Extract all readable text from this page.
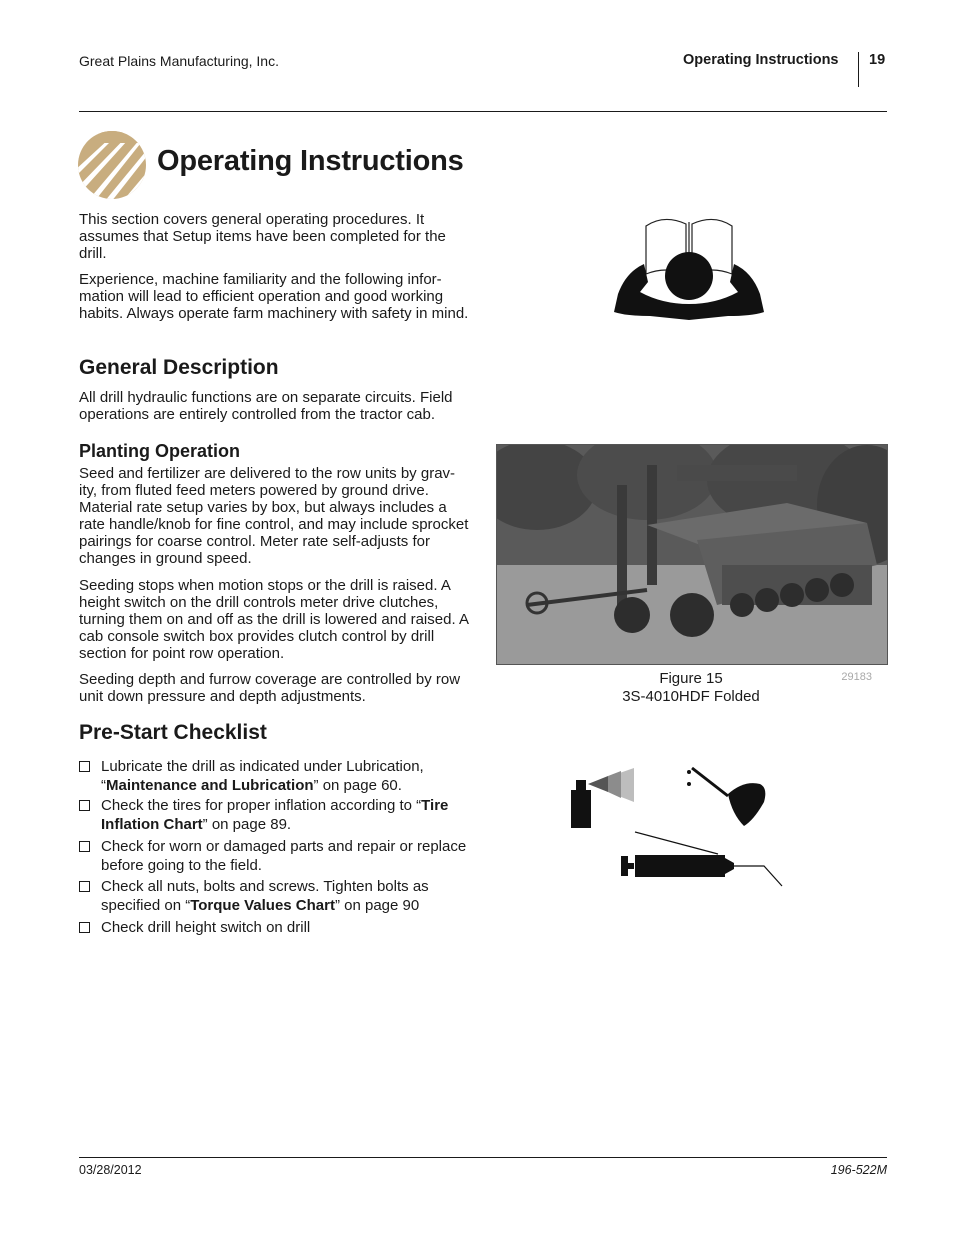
Great Plains Manufacturing, Inc.	Operating Instructions 19
Operating Instructions
This section covers general operating procedures. It assumes that Setup items have been completed for the drill.
Experience, machine familiarity and the following infor-mation will lead to efficient operation and good working habits. Always operate farm machinery with safety in mind.
General Description
All drill hydraulic functions are on separate circuits. Field operations are entirely controlled from the tractor cab.
Planting Operation
Seed and fertilizer are delivered to the row units by grav-ity, from fluted feed meters powered by ground drive. Material rate setup varies by box, but always includes a rate handle/knob for fine control, and may include sprocket pairings for coarse control. Meter rate self-adjusts for changes in ground speed.
Seeding stops when motion stops or the drill is raised. A height switch on the drill controls meter drive clutches, turning them on and off as the drill is lowered and raised. A cab console switch box provides clutch control by drill section for point row operation.
Seeding depth and furrow coverage are controlled by row unit down pressure and depth adjustments.
Figure 15
3S-4010HDF Folded
29183
Pre-Start Checklist
Lubricate the drill as indicated under Lubrication, “Maintenance and Lubrication” on page 60.
Check the tires for proper inflation according to “Tire Inflation Chart” on page 89.
Check for worn or damaged parts and repair or replace before going to the field.
Check all nuts, bolts and screws. Tighten bolts as specified on “Torque Values Chart” on page 90
Check drill height switch on drill
03/28/2012	196-522M
